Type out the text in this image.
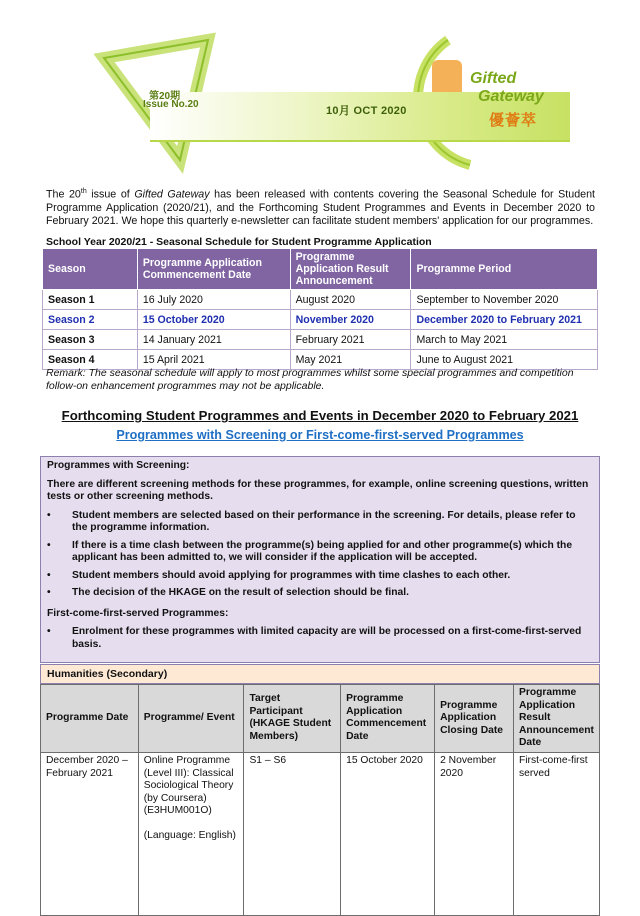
第20期
Issue No.20
10月 OCT 2020
Gifted
Gateway
優薈萃
The 20th issue of Gifted Gateway has been released with contents covering the Seasonal Schedule for Student Programme Application (2020/21), and the Forthcoming Student Programmes and Events in December 2020 to February 2021. We hope this quarterly e-newsletter can facilitate student members' application for our programmes.
School Year 2020/21 - Seasonal Schedule for Student Programme Application
Season	Programme Application Commencement Date	Programme Application Result Announcement	Programme Period
Season 1	16 July 2020	August 2020	September to November 2020
Season 2	15 October 2020	November 2020	December 2020 to February 2021
Season 3	14 January 2021	February 2021	March to May 2021
Season 4	15 April 2021	May 2021	June to August 2021
Remark: The seasonal schedule will apply to most programmes whilst some special programmes and competition follow-on enhancement programmes may not be applicable.
Forthcoming Student Programmes and Events in December 2020 to February 2021
Programmes with Screening or First-come-first-served Programmes

Programmes with Screening:

There are different screening methods for these programmes, for example, online screening questions, written tests or other screening methods.

• Student members are selected based on their performance in the screening. For details, please refer to the programme information.
• If there is a time clash between the programme(s) being applied for and other programme(s) which the applicant has been admitted to, we will consider if the application will be accepted.
• Student members should avoid applying for programmes with time clashes to each other.
• The decision of the HKAGE on the result of selection should be final.

First-come-first-served Programmes:

• Enrolment for these programmes with limited capacity are will be processed on a first-come-first-served basis.
Humanities (Secondary)
Programme Date	Programme/ Event	Target Participant (HKAGE Student Members)	Programme Application Commencement Date	Programme Application Closing Date	Programme Application Result Announcement Date
December 2020 – February 2021	Online Programme (Level III): Classical Sociological Theory (by Coursera) (E3HUM001O)
(Language: English)	S1 – S6	15 October 2020	2 November 2020	First-come-first served
